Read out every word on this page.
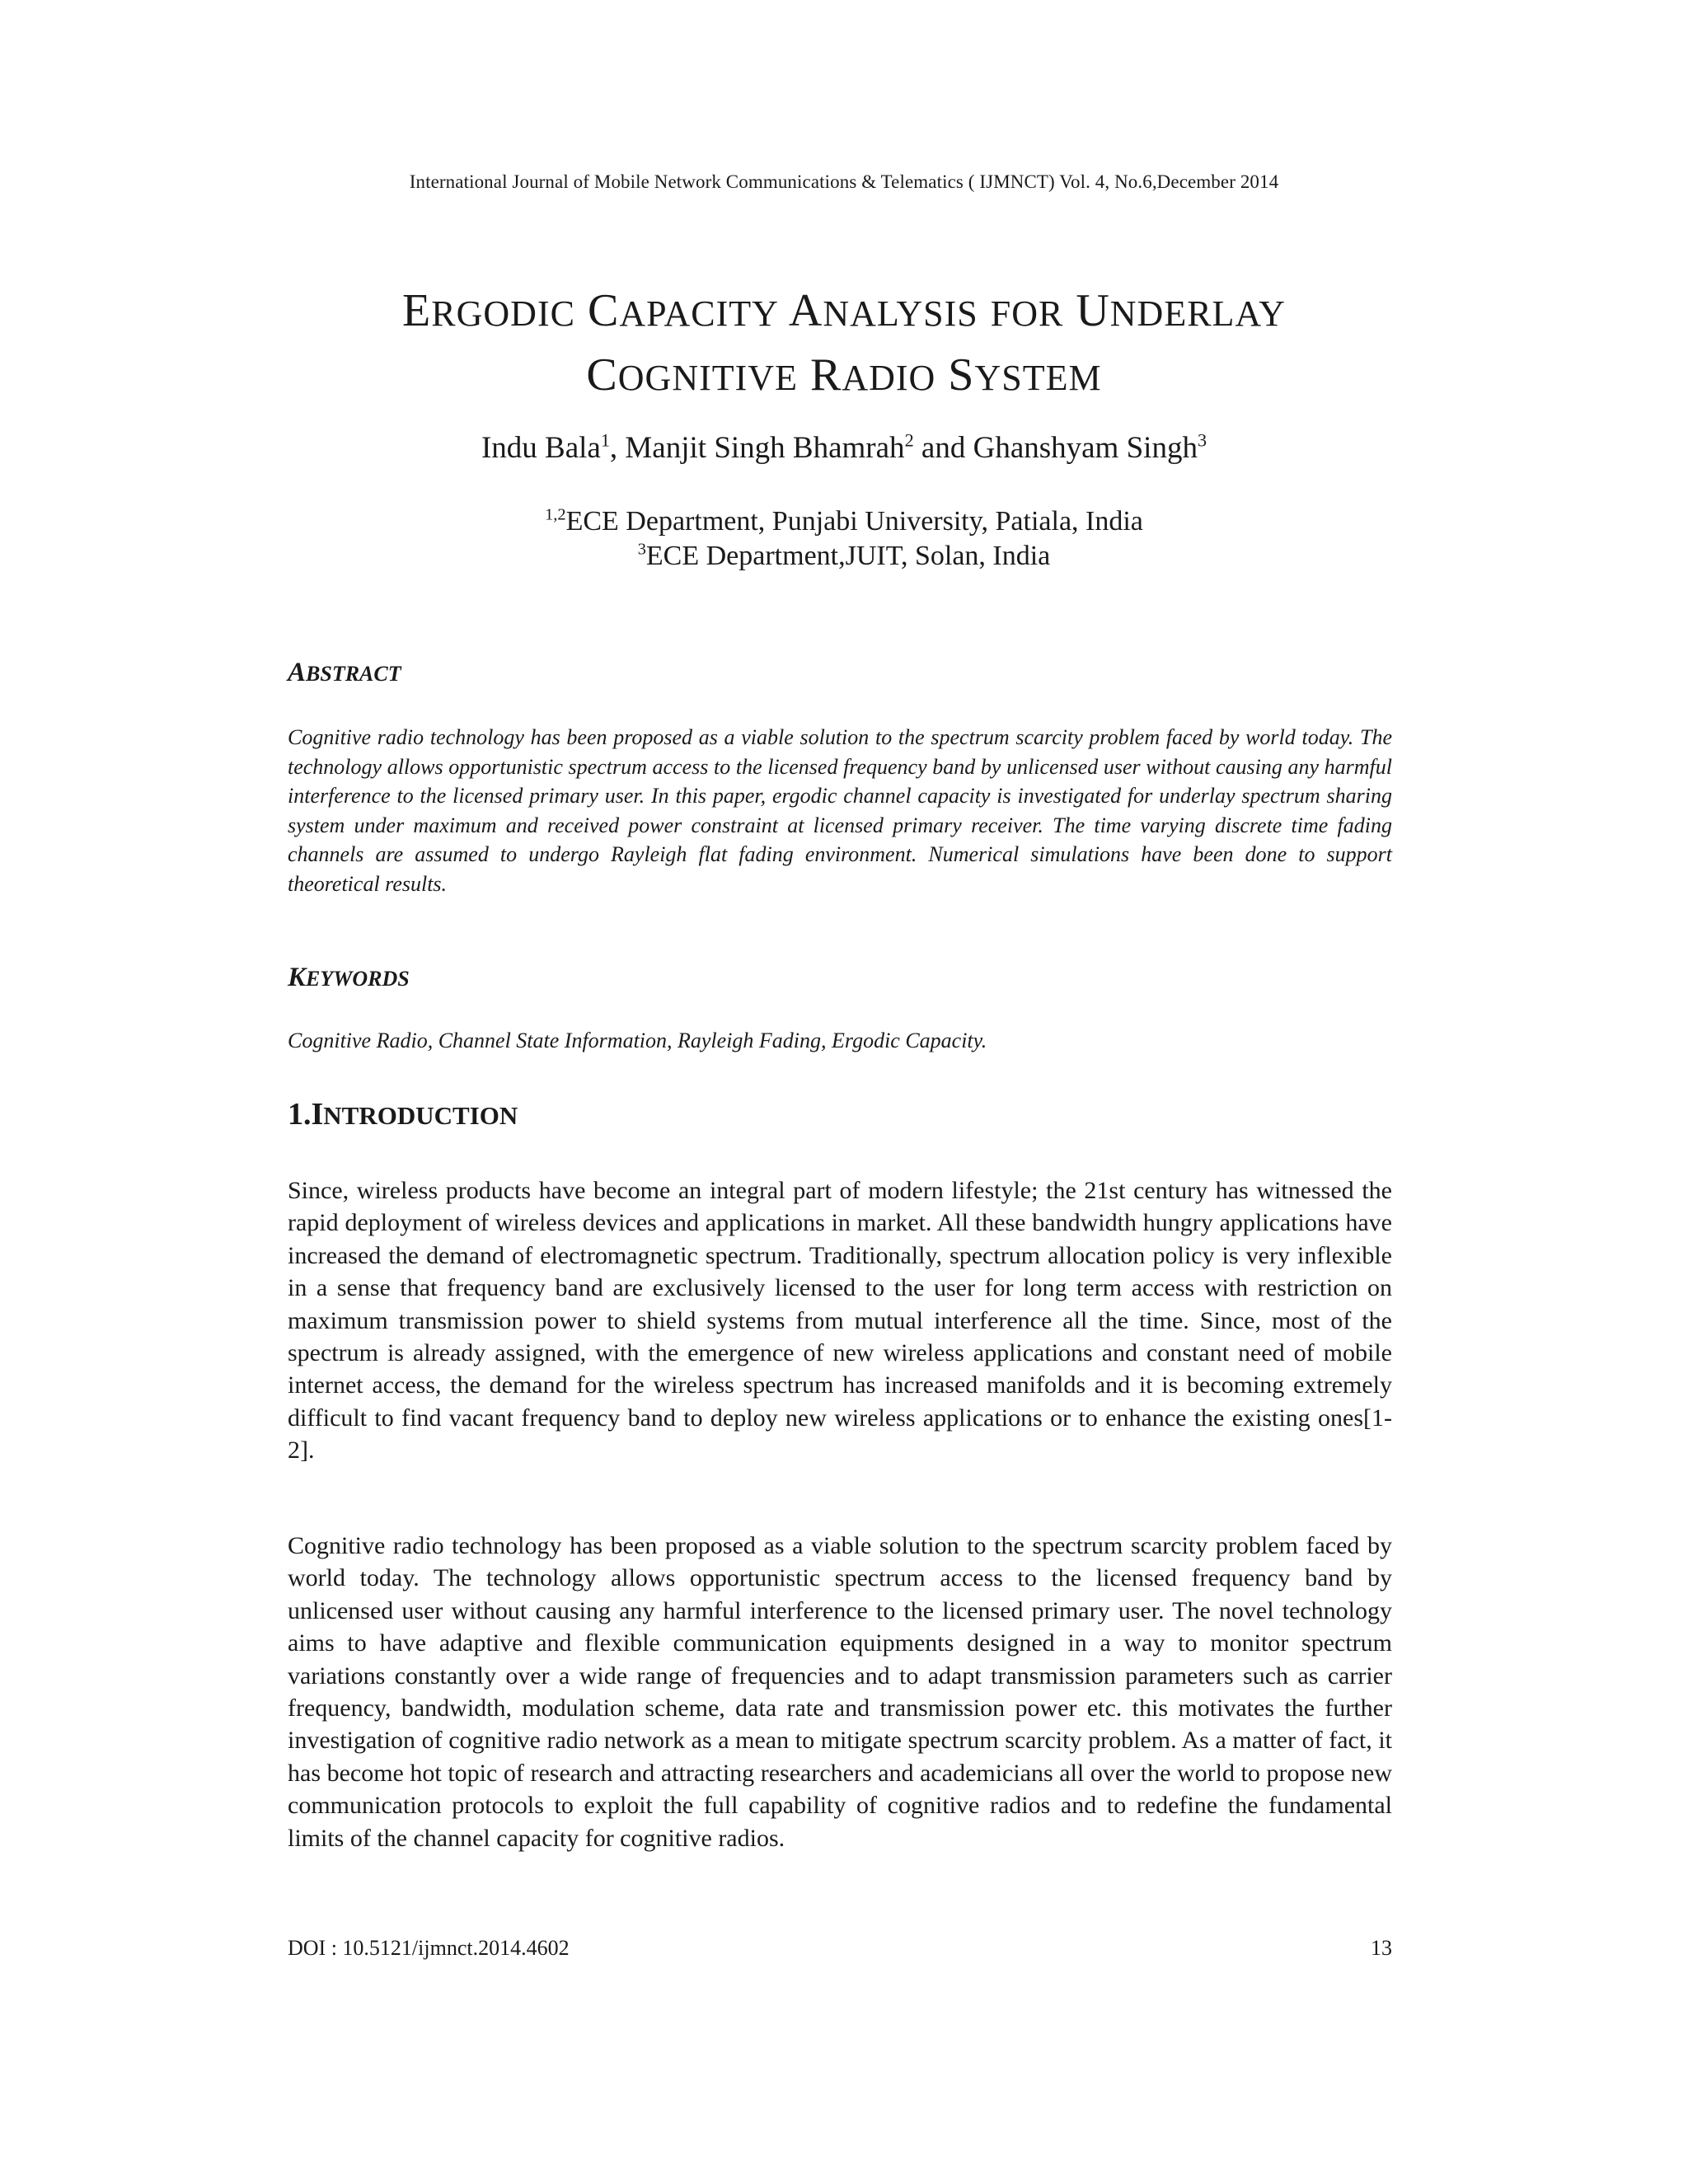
International Journal of Mobile Network Communications & Telematics ( IJMNCT) Vol. 4, No.6,December 2014
ERGODIC CAPACITY ANALYSIS FOR UNDERLAY
COGNITIVE RADIO SYSTEM
Indu Bala$^1$, Manjit Singh Bhamrah$^2$ and Ghanshyam Singh$^3$
$^{1,2}$ECE Department, Punjabi University, Patiala, India
$^3$ECE Department,JUIT, Solan, India
ABSTRACT
Cognitive radio technology has been proposed as a viable solution to the spectrum scarcity problem faced by world today. The technology allows opportunistic spectrum access to the licensed frequency band by unlicensed user without causing any harmful interference to the licensed primary user. In this paper, ergodic channel capacity is investigated for underlay spectrum sharing system under maximum and received power constraint at licensed primary receiver. The time varying discrete time fading channels are assumed to undergo Rayleigh flat fading environment. Numerical simulations have been done to support theoretical results.
KEYWORDS
Cognitive Radio, Channel State Information, Rayleigh Fading, Ergodic Capacity.
1.INTRODUCTION
Since, wireless products have become an integral part of modern lifestyle; the 21st century has witnessed the rapid deployment of wireless devices and applications in market. All these bandwidth hungry applications have increased the demand of electromagnetic spectrum. Traditionally, spectrum allocation policy is very inflexible in a sense that frequency band are exclusively licensed to the user for long term access with restriction on maximum transmission power to shield systems from mutual interference all the time. Since, most of the spectrum is already assigned, with the emergence of new wireless applications and constant need of mobile internet access, the demand for the wireless spectrum has increased manifolds and it is becoming extremely difficult to find vacant frequency band to deploy new wireless applications or to enhance the existing ones[1-2].
Cognitive radio technology has been proposed as a viable solution to the spectrum scarcity problem faced by world today. The technology allows opportunistic spectrum access to the licensed frequency band by unlicensed user without causing any harmful interference to the licensed primary user. The novel technology aims to have adaptive and flexible communication equipments designed in a way to monitor spectrum variations constantly over a wide range of frequencies and to adapt transmission parameters such as carrier frequency, bandwidth, modulation scheme, data rate and transmission power etc. this motivates the further investigation of cognitive radio network as a mean to mitigate spectrum scarcity problem. As a matter of fact, it has become hot topic of research and attracting researchers and academicians all over the world to propose new communication protocols to exploit the full capability of cognitive radios and to redefine the fundamental limits of the channel capacity for cognitive radios.
DOI : 10.5121/ijmnct.2014.4602	13
